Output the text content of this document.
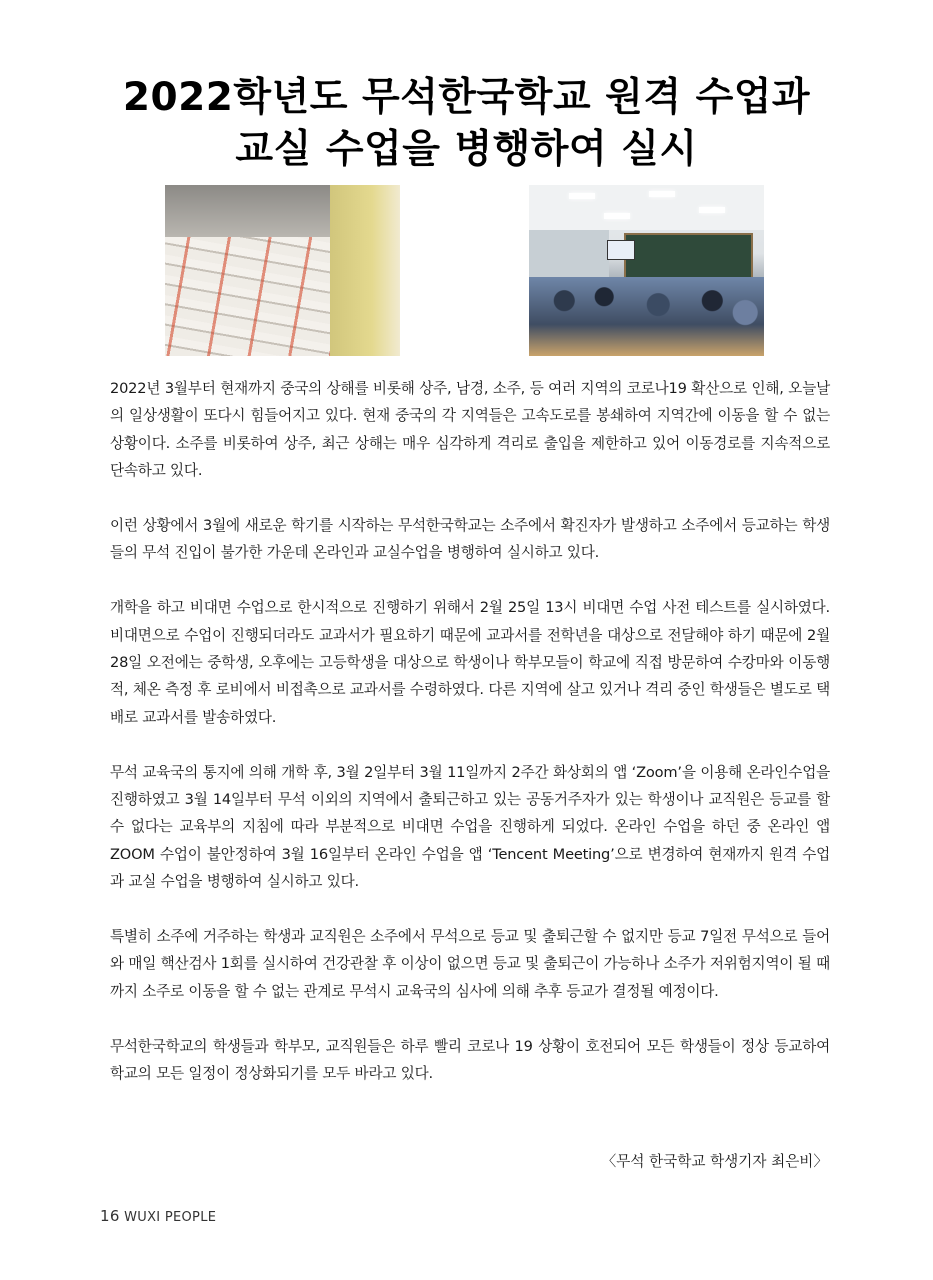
2022학년도 무석한국학교 원격 수업과
교실 수업을 병행하여 실시

2022년 3월부터 현재까지 중국의 상해를 비롯해 상주, 남경, 소주, 등 여러 지역의 코로나19 확산으로 인해, 오늘날의 일상생활이 또다시 힘들어지고 있다. 현재 중국의 각 지역들은 고속도로를 봉쇄하여 지역간에 이동을 할 수 없는 상황이다. 소주를 비롯하여 상주, 최근 상해는 매우 심각하게 격리로 출입을 제한하고 있어 이동경로를 지속적으로 단속하고 있다.

이런 상황에서 3월에 새로운 학기를 시작하는 무석한국학교는 소주에서 확진자가 발생하고 소주에서 등교하는 학생들의 무석 진입이 불가한 가운데 온라인과 교실수업을 병행하여 실시하고 있다.

개학을 하고 비대면 수업으로 한시적으로 진행하기 위해서 2월 25일 13시 비대면 수업 사전 테스트를 실시하였다. 비대면으로 수업이 진행되더라도 교과서가 필요하기 때문에 교과서를 전학년을 대상으로 전달해야 하기 때문에 2월 28일 오전에는 중학생, 오후에는 고등학생을 대상으로 학생이나 학부모들이 학교에 직접 방문하여 수캉마와 이동행적, 체온 측정 후 로비에서 비접촉으로 교과서를 수령하였다. 다른 지역에 살고 있거나 격리 중인 학생들은 별도로 택배로 교과서를 발송하였다.

무석 교육국의 통지에 의해 개학 후, 3월 2일부터 3월 11일까지 2주간 화상회의 앱 ‘Zoom’을 이용해 온라인수업을 진행하였고 3월 14일부터 무석 이외의 지역에서 출퇴근하고 있는 공동거주자가 있는 학생이나 교직원은 등교를 할 수 없다는 교육부의 지침에 따라 부분적으로 비대면 수업을 진행하게 되었다. 온라인 수업을 하던 중 온라인 앱ZOOM 수업이 불안정하여 3월 16일부터 온라인 수업을 앱 ‘Tencent Meeting’으로 변경하여 현재까지 원격 수업과 교실 수업을 병행하여 실시하고 있다.

특별히 소주에 거주하는 학생과 교직원은 소주에서 무석으로 등교 및 출퇴근할 수 없지만 등교 7일전 무석으로 들어와 매일 핵산검사 1회를 실시하여 건강관찰 후 이상이 없으면 등교 및 출퇴근이 가능하나 소주가 저위험지역이 될 때까지 소주로 이동을 할 수 없는 관계로 무석시 교육국의 심사에 의해 추후 등교가 결정될 예정이다.

무석한국학교의 학생들과 학부모, 교직원들은 하루 빨리 코로나 19 상황이 호전되어 모든 학생들이 정상 등교하여 학교의 모든 일정이 정상화되기를 모두 바라고 있다.

〈무석 한국학교 학생기자 최은비〉
16 WUXI PEOPLE
